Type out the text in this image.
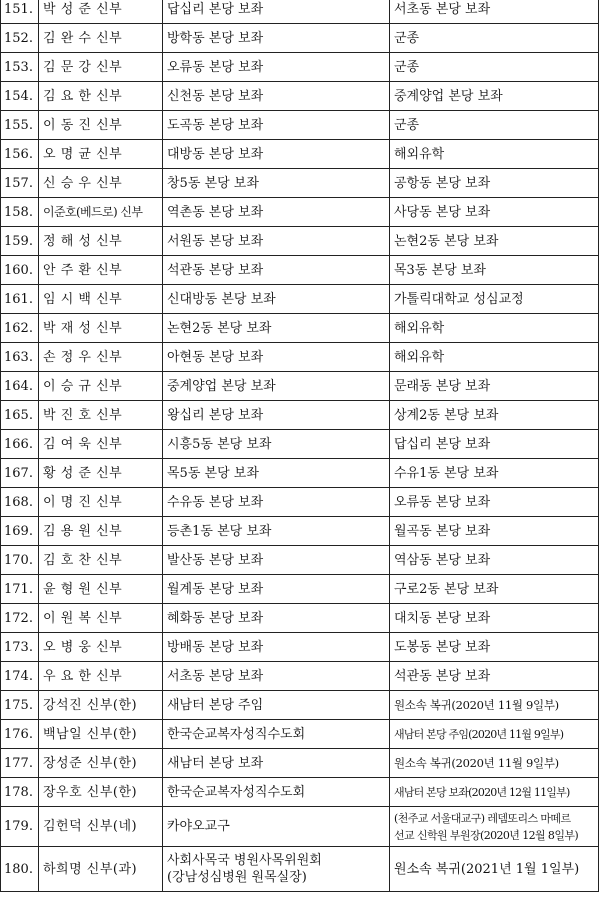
151.	박 성 준 신부	답십리 본당 보좌	서초동 본당 보좌
152.	김 완 수 신부	방학동 본당 보좌	군종
153.	김 문 강 신부	오류동 본당 보좌	군종
154.	김 요 한 신부	신천동 본당 보좌	중계양업 본당 보좌
155.	이 동 진 신부	도곡동 본당 보좌	군종
156.	오 명 균 신부	대방동 본당 보좌	해외유학
157.	신 승 우 신부	창5동 본당 보좌	공항동 본당 보좌
158.	이준호(베드로) 신부	역촌동 본당 보좌	사당동 본당 보좌
159.	정 해 성 신부	서원동 본당 보좌	논현2동 본당 보좌
160.	안 주 환 신부	석관동 본당 보좌	목3동 본당 보좌
161.	임 시 백 신부	신대방동 본당 보좌	가톨릭대학교 성심교정
162.	박 재 성 신부	논현2동 본당 보좌	해외유학
163.	손 정 우 신부	아현동 본당 보좌	해외유학
164.	이 승 규 신부	중계양업 본당 보좌	문래동 본당 보좌
165.	박 진 호 신부	왕십리 본당 보좌	상계2동 본당 보좌
166.	김 여 욱 신부	시흥5동 본당 보좌	답십리 본당 보좌
167.	황 성 준 신부	목5동 본당 보좌	수유1동 본당 보좌
168.	이 명 진 신부	수유동 본당 보좌	오류동 본당 보좌
169.	김 용 원 신부	등촌1동 본당 보좌	월곡동 본당 보좌
170.	김 호 찬 신부	발산동 본당 보좌	역삼동 본당 보좌
171.	윤 형 원 신부	월계동 본당 보좌	구로2동 본당 보좌
172.	이 원 복 신부	혜화동 본당 보좌	대치동 본당 보좌
173.	오 병 웅 신부	방배동 본당 보좌	도봉동 본당 보좌
174.	우 요 한 신부	서초동 본당 보좌	석관동 본당 보좌
175.	강석진 신부(한)	새남터 본당 주임	원소속 복귀(2020년 11월 9일부)
176.	백남일 신부(한)	한국순교복자성직수도회	새남터 본당 주임(2020년 11월 9일부)
177.	장성준 신부(한)	새남터 본당 보좌	원소속 복귀(2020년 11월 9일부)
178.	장우호 신부(한)	한국순교복자성직수도회	새남터 본당 보좌(2020년 12월 11일부)
179.	김헌덕 신부(네)	카야오교구	(천주교 서울대교구) 레뎀또리스 마떼르
선교 신학원 부원장(2020년 12월 8일부)

180.	하희명 신부(과)	사회사목국 병원사목위원회
(강남성심병원 원목실장)	원소속 복귀(2021년 1월 1일부)
